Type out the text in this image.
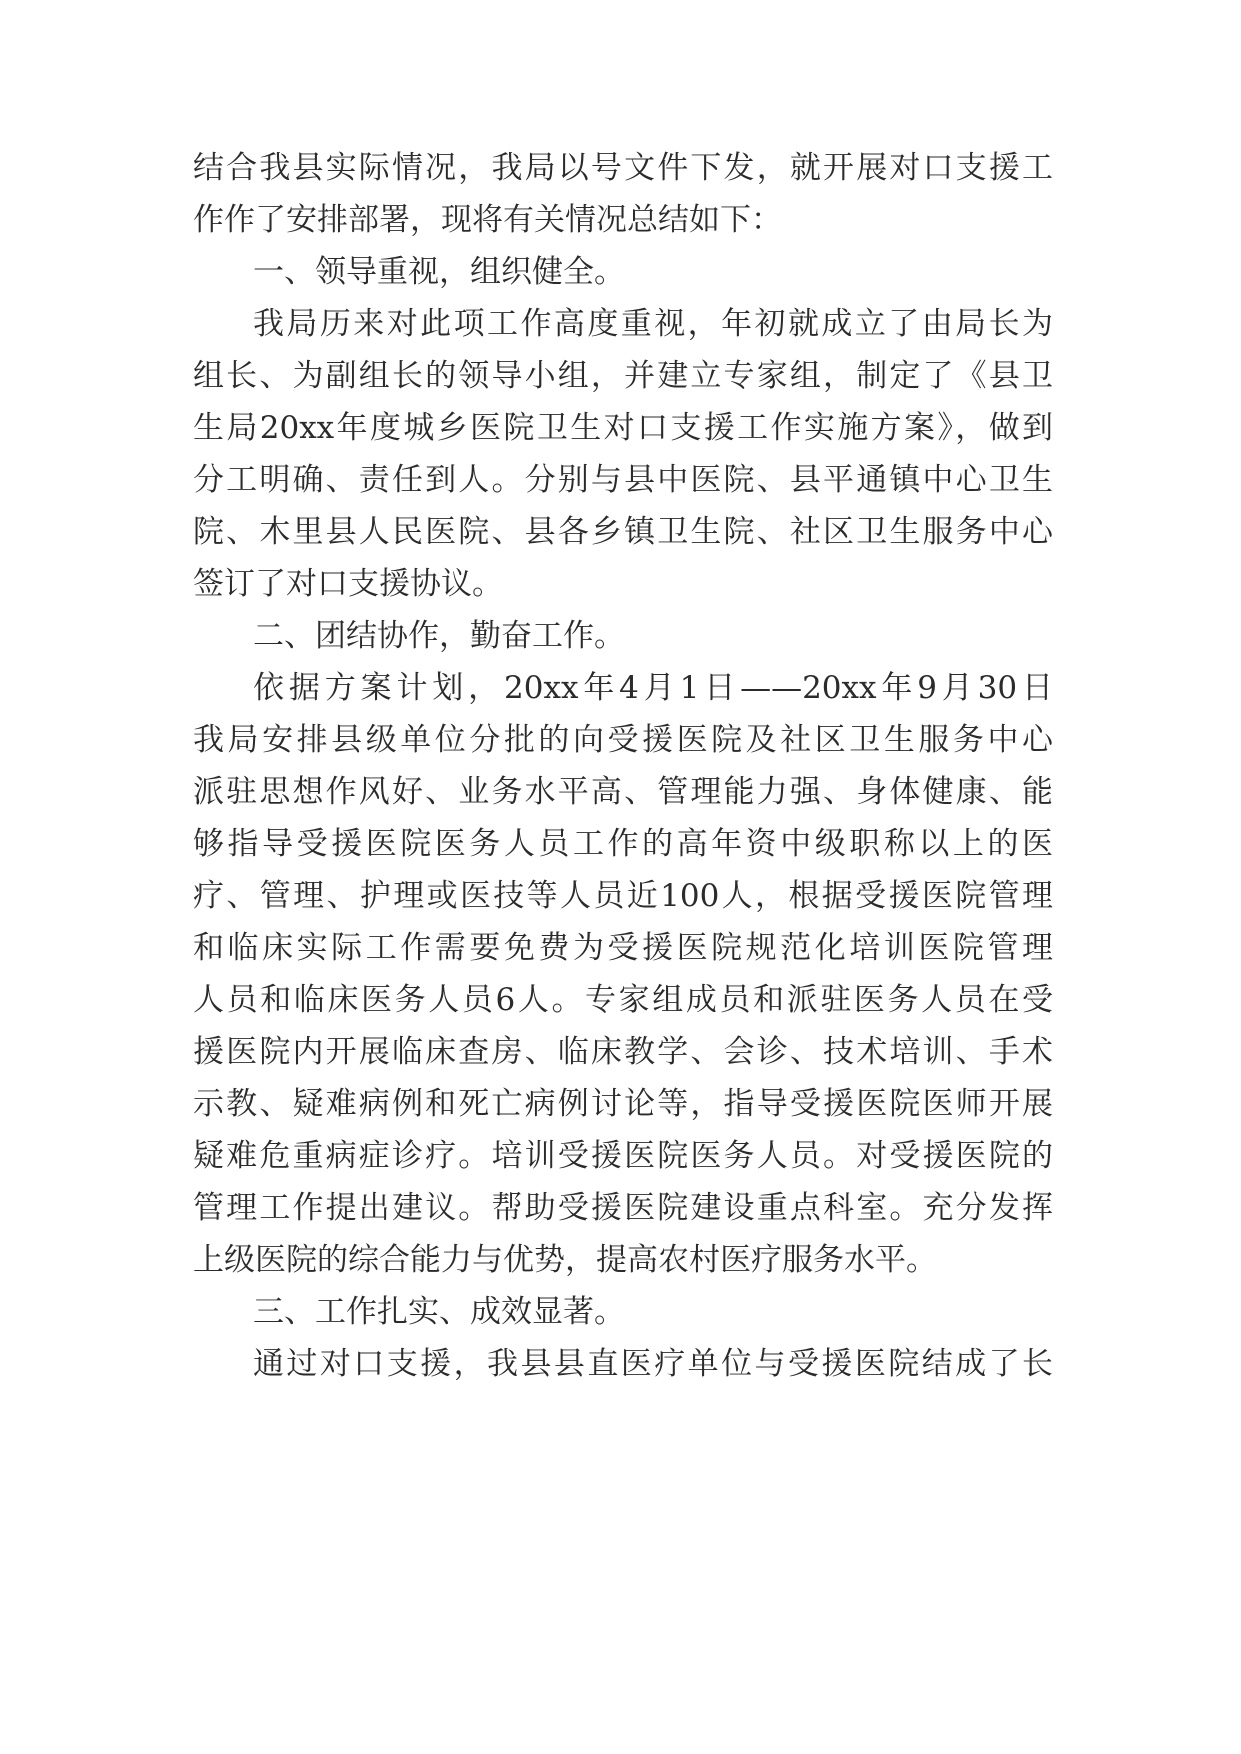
结合我县实际情况，我局以号文件下发，就开展对口支援工

作作了安排部署，现将有关情况总结如下：

一、领导重视，组织健全。

我局历来对此项工作高度重视，年初就成立了由局长为

组长、为副组长的领导小组，并建立专家组，制定了《县卫

生局20xx年度城乡医院卫生对口支援工作实施方案》，做到

分工明确、责任到人。分别与县中医院、县平通镇中心卫生

院、木里县人民医院、县各乡镇卫生院、社区卫生服务中心

签订了对口支援协议。

二、团结协作，勤奋工作。

依据方案计划，20xx年4月1日——20xx年9月30日

我局安排县级单位分批的向受援医院及社区卫生服务中心

派驻思想作风好、业务水平高、管理能力强、身体健康、能

够指导受援医院医务人员工作的高年资中级职称以上的医

疗、管理、护理或医技等人员近100人，根据受援医院管理

和临床实际工作需要免费为受援医院规范化培训医院管理

人员和临床医务人员6人。专家组成员和派驻医务人员在受

援医院内开展临床查房、临床教学、会诊、技术培训、手术

示教、疑难病例和死亡病例讨论等，指导受援医院医师开展

疑难危重病症诊疗。培训受援医院医务人员。对受援医院的

管理工作提出建议。帮助受援医院建设重点科室。充分发挥

上级医院的综合能力与优势，提高农村医疗服务水平。

三、工作扎实、成效显著。

通过对口支援，我县县直医疗单位与受援医院结成了长
